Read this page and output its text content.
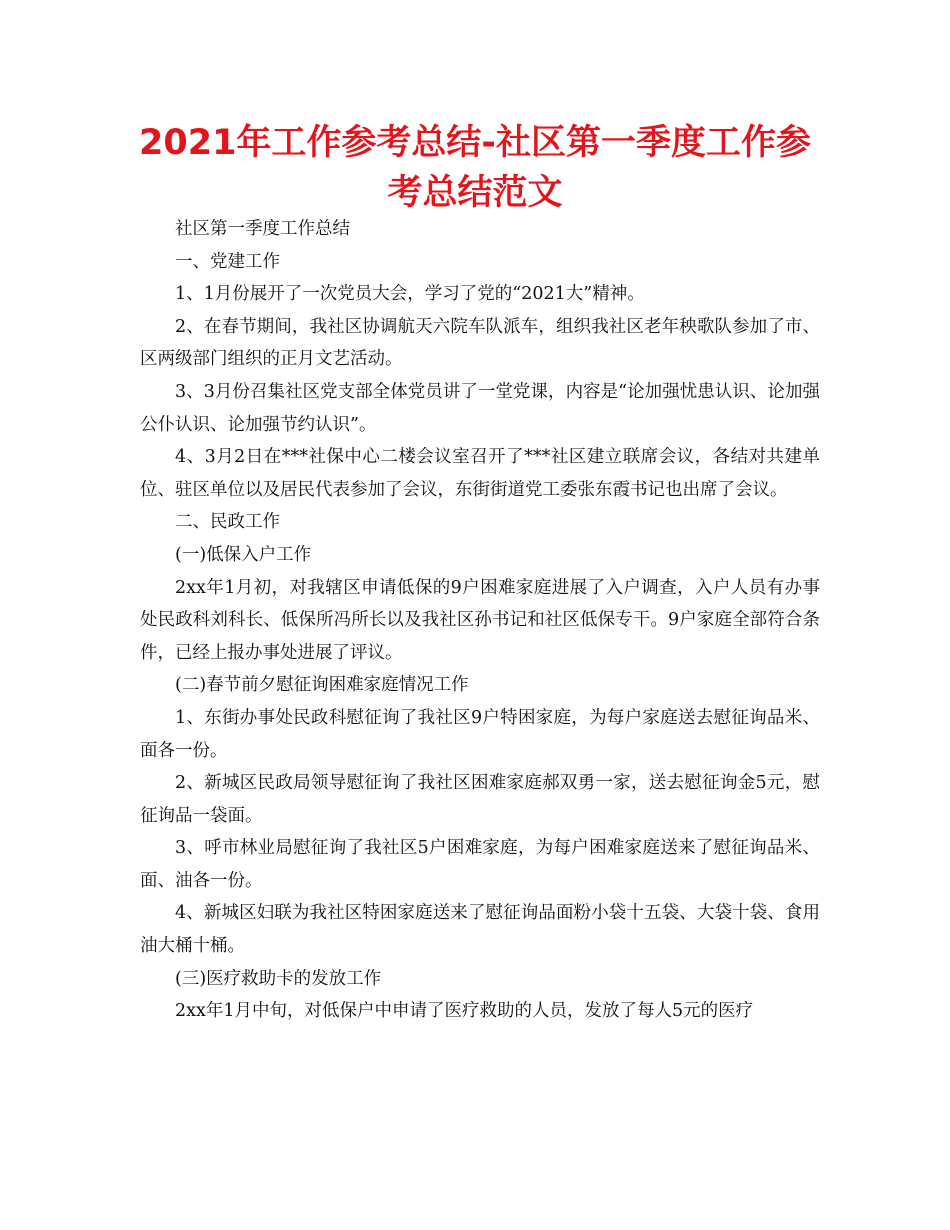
2021年工作参考总结-社区第一季度工作参考总结范文

社区第一季度工作总结

一、党建工作

1、1月份展开了一次党员大会，学习了党的“2021大”精神。

2、在春节期间，我社区协调航天六院车队派车，组织我社区老年秧歌队参加了市、区两级部门组织的正月文艺活动。

3、3月份召集社区党支部全体党员讲了一堂党课，内容是“论加强忧患认识、论加强公仆认识、论加强节约认识”。

4、3月2日在***社保中心二楼会议室召开了***社区建立联席会议，各结对共建单位、驻区单位以及居民代表参加了会议，东街街道党工委张东霞书记也出席了会议。

二、民政工作

(一)低保入户工作

2xx年1月初，对我辖区申请低保的9户困难家庭进展了入户调查，入户人员有办事处民政科刘科长、低保所冯所长以及我社区孙书记和社区低保专干。9户家庭全部符合条件，已经上报办事处进展了评议。

(二)春节前夕慰征询困难家庭情况工作

1、东街办事处民政科慰征询了我社区9户特困家庭，为每户家庭送去慰征询品米、面各一份。

2、新城区民政局领导慰征询了我社区困难家庭郝双勇一家，送去慰征询金5元，慰征询品一袋面。

3、呼市林业局慰征询了我社区5户困难家庭，为每户困难家庭送来了慰征询品米、面、油各一份。

4、新城区妇联为我社区特困家庭送来了慰征询品面粉小袋十五袋、大袋十袋、食用油大桶十桶。

(三)医疗救助卡的发放工作

2xx年1月中旬，对低保户中申请了医疗救助的人员，发放了每人5元的医疗
